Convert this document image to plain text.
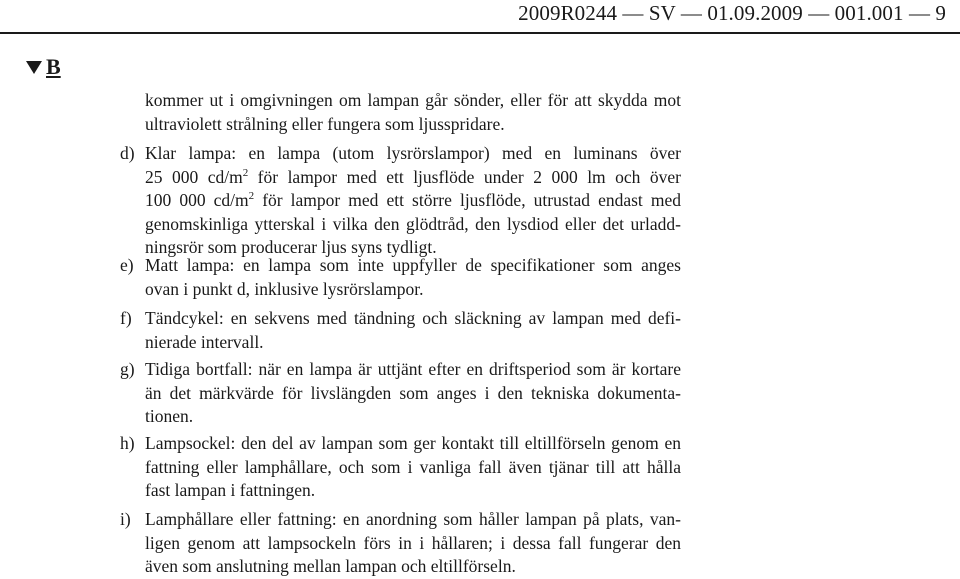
2009R0244 — SV — 01.09.2009 — 001.001 — 9
B
kommer ut i omgivningen om lampan går sönder, eller för att skydda mot
ultraviolett strålning eller fungera som ljusspridare.
d) Klar lampa: en lampa (utom lysrörslampor) med en luminans över
25 000 $cd/m^2$ för lampor med ett ljusflöde under 2 000 lm och över
100 000 $cd/m^2$ för lampor med ett större ljusflöde, utrustad endast med
genomskinliga ytterskal i vilka den glödtråd, den lysdiod eller det urladd-
ningsrör som producerar ljus syns tydligt.
e) Matt lampa: en lampa som inte uppfyller de specifikationer som anges
ovan i punkt d, inklusive lysrörslampor.
f) Tändcykel: en sekvens med tändning och släckning av lampan med defi-
nierade intervall.
g) Tidiga bortfall: när en lampa är uttjänt efter en driftsperiod som är kortare
än det märkvärde för livslängden som anges i den tekniska dokumenta-
tionen.
h) Lampsockel: den del av lampan som ger kontakt till eltillförseln genom en
fattning eller lamphållare, och som i vanliga fall även tjänar till att hålla
fast lampan i fattningen.
i) Lamphållare eller fattning: en anordning som håller lampan på plats, van-
ligen genom att lampsockeln förs in i hållaren; i dessa fall fungerar den
även som anslutning mellan lampan och eltillförseln.
